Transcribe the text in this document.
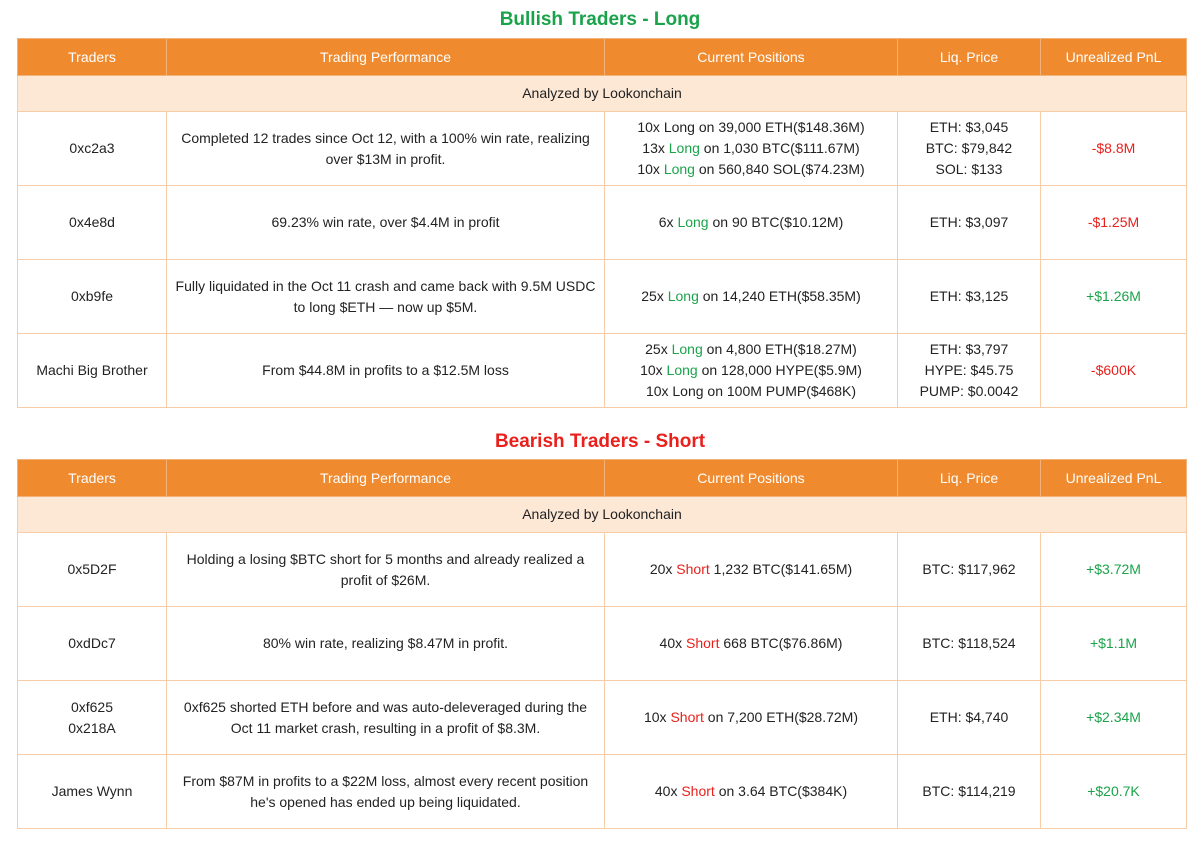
Bullish Traders - Long
Traders	Trading Performance	Current Positions	Liq. Price	Unrealized PnL
Analyzed by Lookonchain				
0xc2a3	Completed 12 trades since Oct 12, with a 100% win rate, realizing over $13M in profit.	10x Long on 39,000 ETH($148.36M)
13x Long on 1,030 BTC($111.67M)
10x Long on 560,840 SOL($74.23M)	ETH: $3,045
BTC: $79,842
SOL: $133	-$8.8M
0x4e8d	69.23% win rate, over $4.4M in profit	6x Long on 90 BTC($10.12M)	ETH: $3,097	-$1.25M
0xb9fe	Fully liquidated in the Oct 11 crash and came back with 9.5M USDC to long $ETH — now up $5M.	25x Long on 14,240 ETH($58.35M)	ETH: $3,125	+$1.26M
Machi Big Brother	From $44.8M in profits to a $12.5M loss	25x Long on 4,800 ETH($18.27M)
10x Long on 128,000 HYPE($5.9M)
10x Long on 100M PUMP($468K)	ETH: $3,797
HYPE: $45.75
PUMP: $0.0042	-$600K
Bearish Traders - Short
Traders	Trading Performance	Current Positions	Liq. Price	Unrealized PnL
Analyzed by Lookonchain				
0x5D2F	Holding a losing $BTC short for 5 months and already realized a profit of $26M.	20x Short 1,232 BTC($141.65M)	BTC: $117,962	+$3.72M
0xdDc7	80% win rate, realizing $8.47M in profit.	40x Short 668 BTC($76.86M)	BTC: $118,524	+$1.1M

0xf625
0x218A	0xf625 shorted ETH before and was auto-deleveraged during the Oct 11 market crash, resulting in a profit of $8.3M.	10x Short on 7,200 ETH($28.72M)	ETH: $4,740	+$2.34M
James Wynn	From $87M in profits to a $22M loss, almost every recent position he's opened has ended up being liquidated.	40x Short on 3.64 BTC($384K)	BTC: $114,219	+$20.7K
